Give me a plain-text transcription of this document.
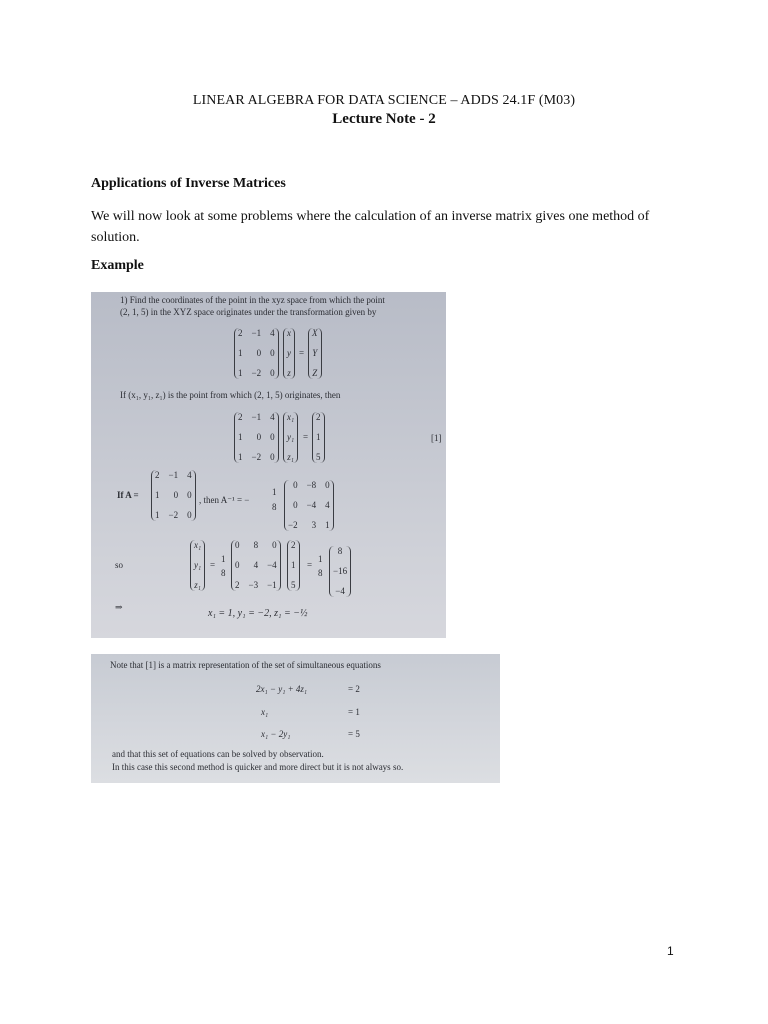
LINEAR ALGEBRA FOR DATA SCIENCE – ADDS 24.1F (M03)
Lecture Note - 2
Applications of Inverse Matrices
We will now look at some problems where the calculation of an inverse matrix gives one method of solution.
Example
1) Find the coordinates of the point in the xyz space from which the point
(2, 1, 5) in the XYZ space originates under the transformation given by
2 −1 4
1	0 0
1 −2 0
x
y
z
=
X
Y
Z
If (x₁, y₁, z₁) is the point from which (2, 1, 5) originates, then
2 −1 4
1	0 0
1 −2 0
x₁
y₁
z₁
=
2
1
5
[1]
If A =
2 −1 4
1	0 0
1 −2 0
, then A⁻¹ = −
1
8
0 −8 0
0 −4 4
−2	3 1
so
x₁
y₁
z₁
=
1
8
0	8	0
0	4 −4
2 −3 −1
2
1
5
=
1
8
8
−16
−4
⇒
x₁ = 1, y₁ = −2, z₁ = −½
Note that [1] is a matrix representation of the set of simultaneous equations
2x₁ − y₁ + 4z₁	= 2
x₁	= 1
x₁ − 2y₁	= 5
and that this set of equations can be solved by observation.
In this case this second method is quicker and more direct but it is not always so.
1
